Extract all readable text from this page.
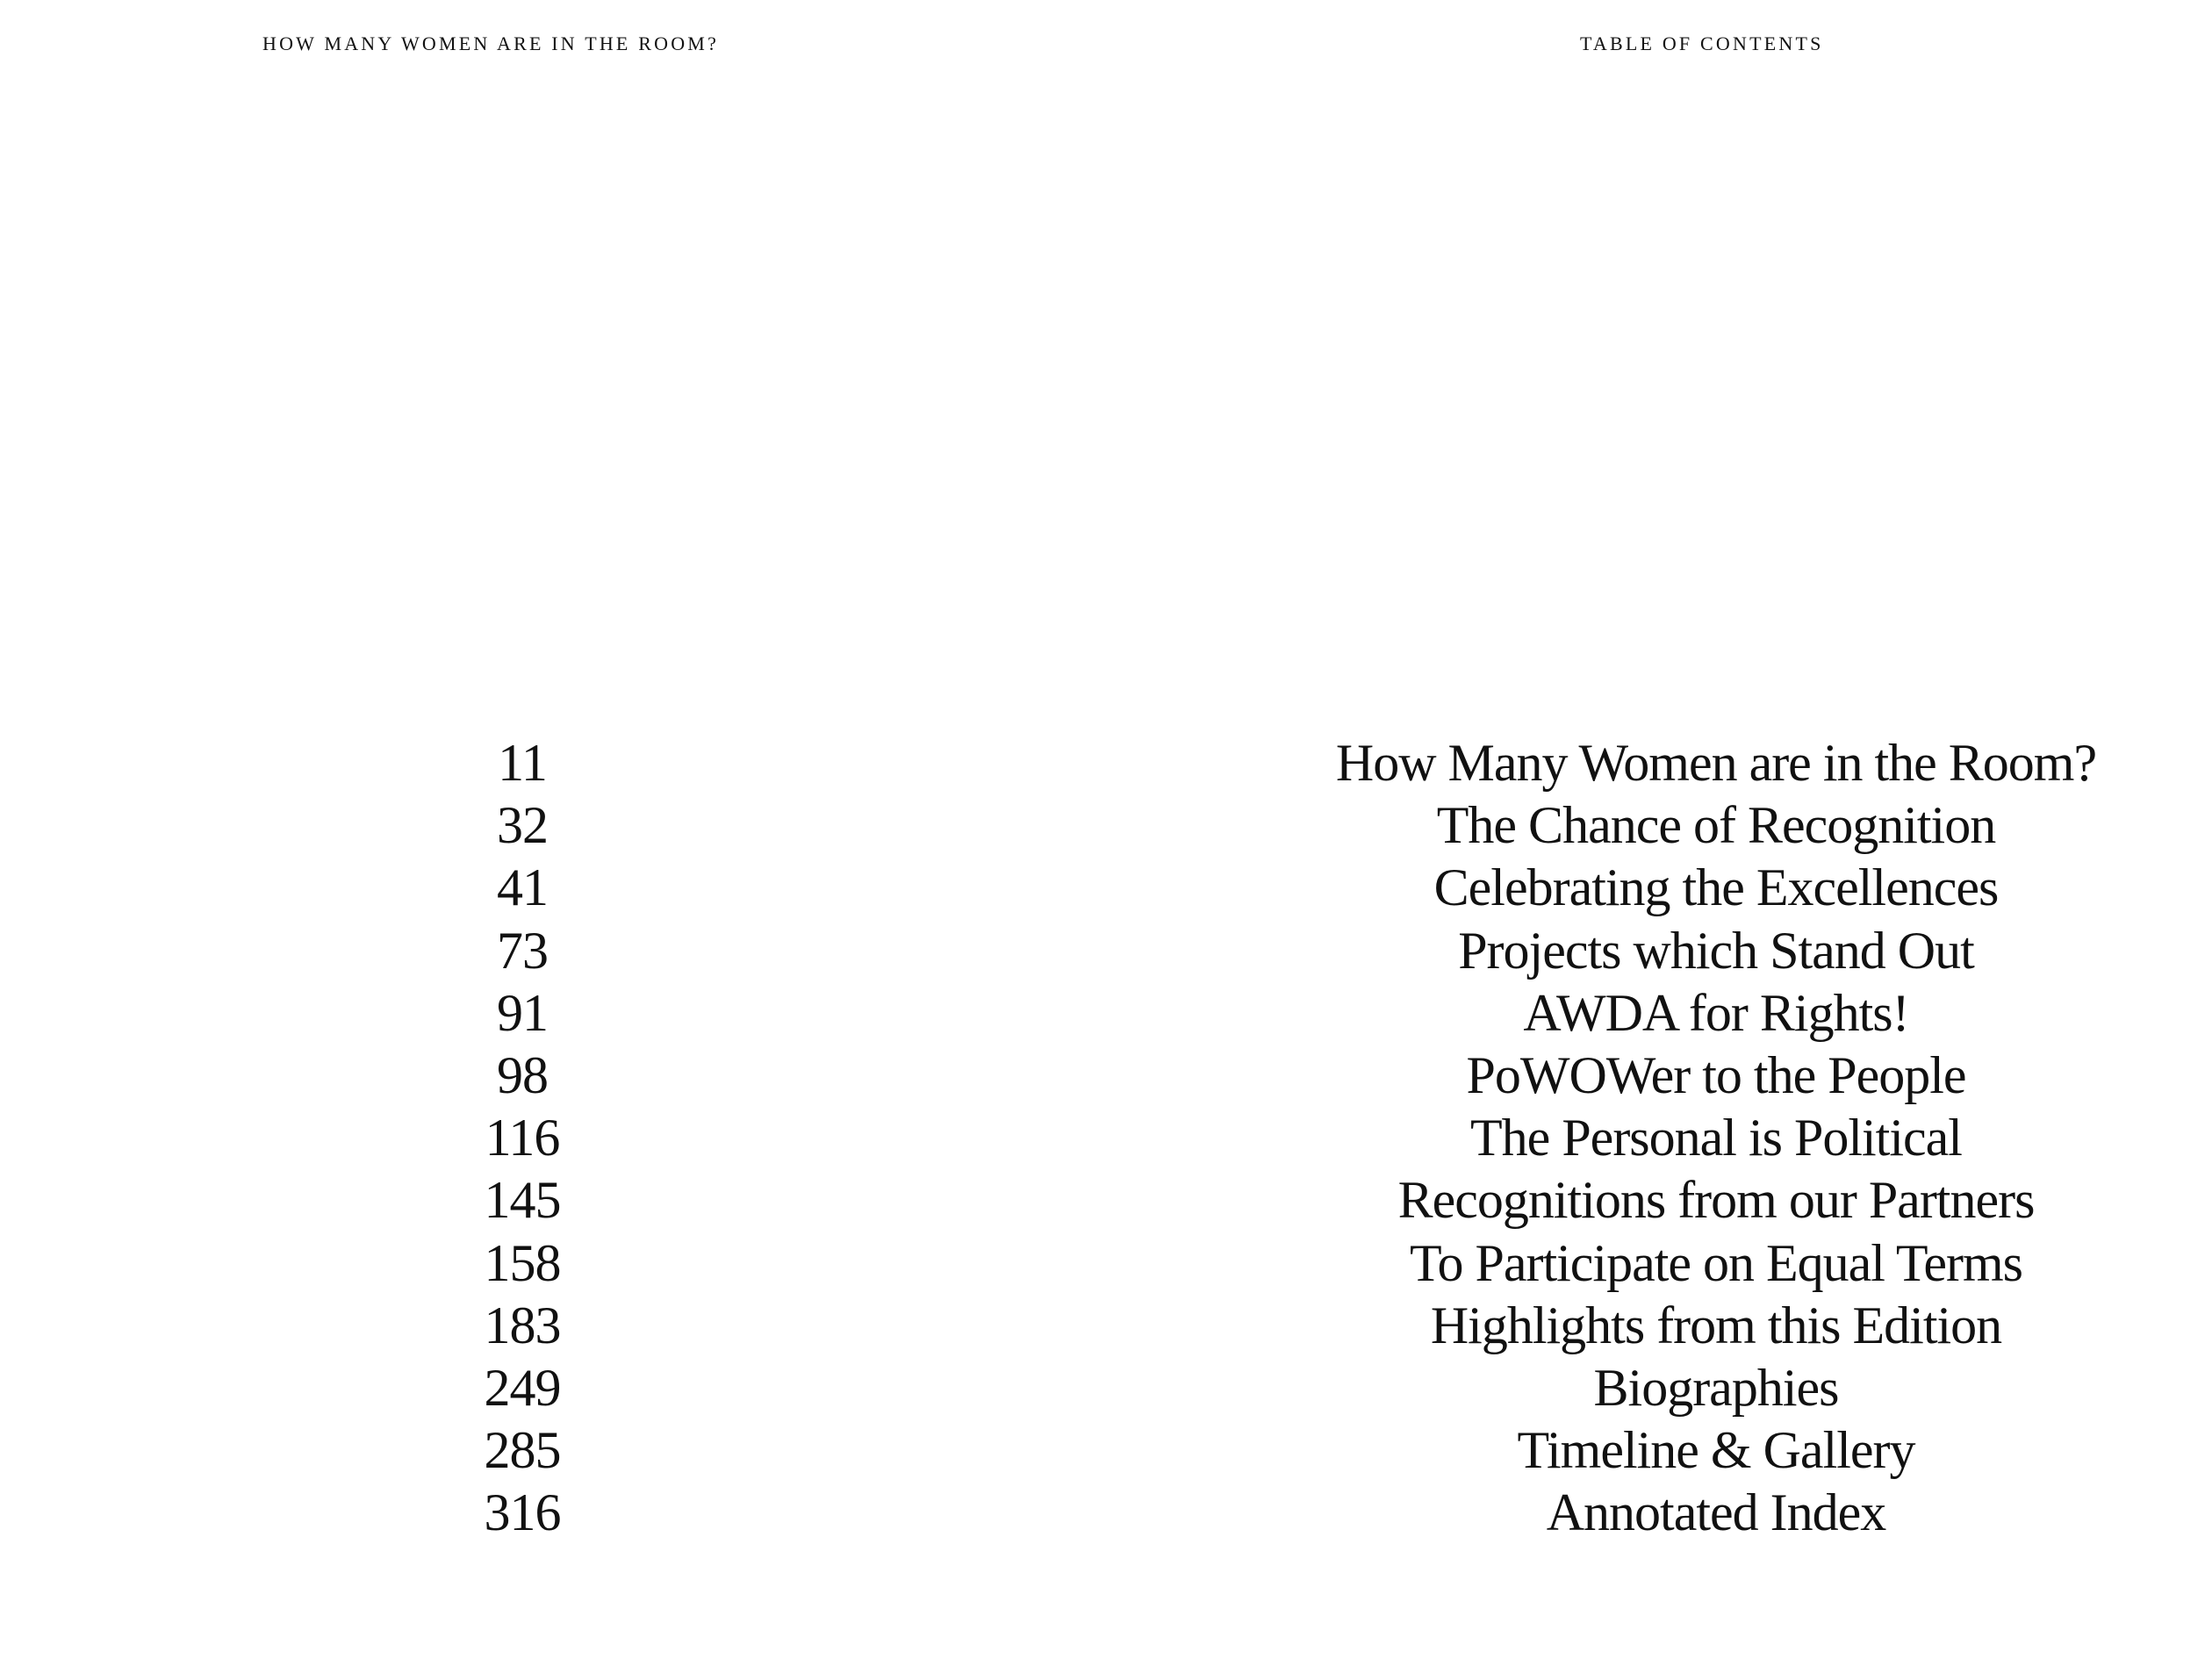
HOW MANY WOMEN ARE IN THE ROOM?	TABLE OF CONTENTS
11	How Many Women are in the Room?
32	The Chance of Recognition
41	Celebrating the Excellences
73	Projects which Stand Out
91	AWDA for Rights!
98	PoWOWer to the People
116	The Personal is Political
145	Recognitions from our Partners
158	To Participate on Equal Terms
183	Highlights from this Edition
249	Biographies
285	Timeline & Gallery
316	Annotated Index
